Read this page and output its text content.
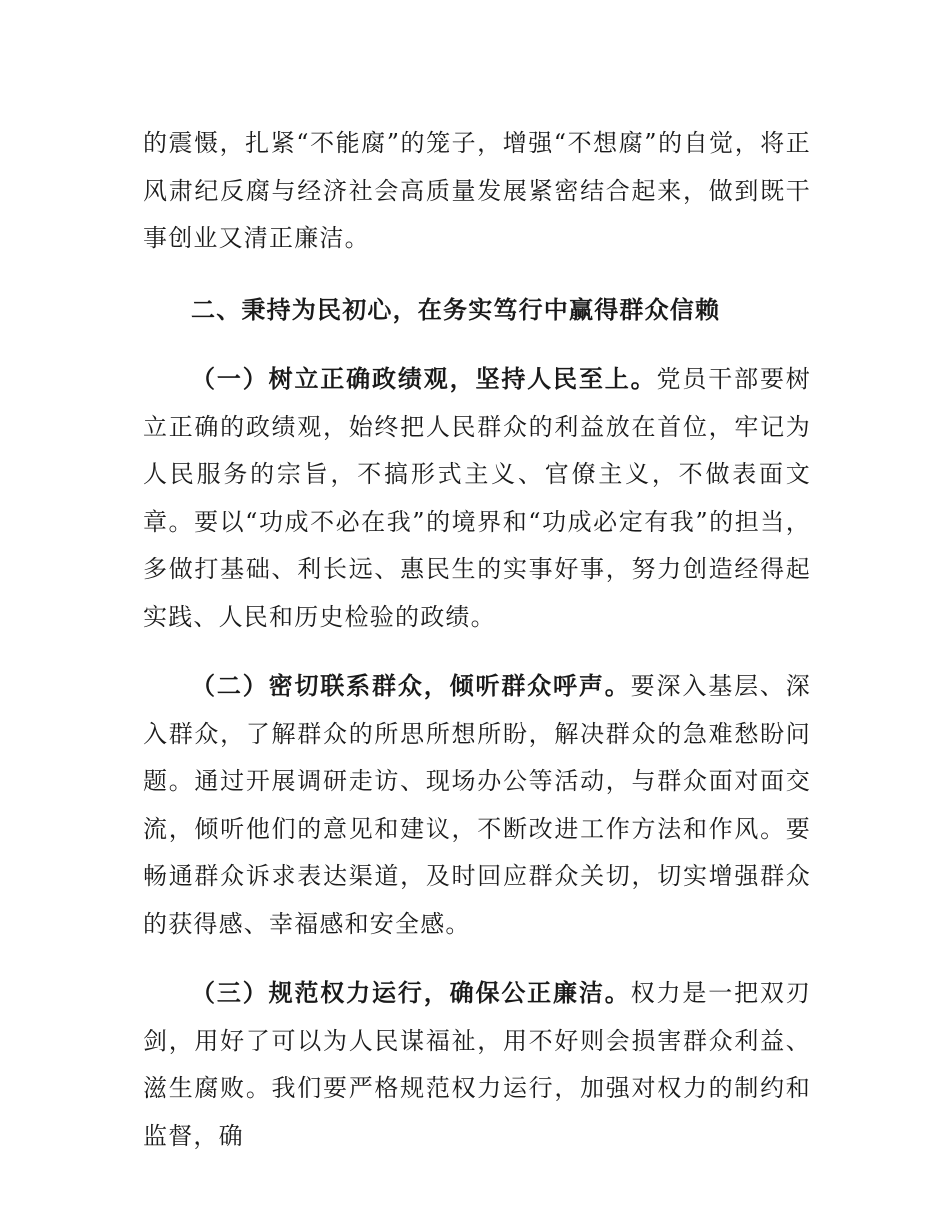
的震慑，扎紧“不能腐”的笼子，增强“不想腐”的自觉，将正风肃纪反腐与经济社会高质量发展紧密结合起来，做到既干事创业又清正廉洁。

二、秉持为民初心，在务实笃行中赢得群众信赖

（一）树立正确政绩观，坚持人民至上。党员干部要树立正确的政绩观，始终把人民群众的利益放在首位，牢记为人民服务的宗旨，不搞形式主义、官僚主义，不做表面文章。要以“功成不必在我”的境界和“功成必定有我”的担当，多做打基础、利长远、惠民生的实事好事，努力创造经得起实践、人民和历史检验的政绩。

（二）密切联系群众，倾听群众呼声。要深入基层、深入群众，了解群众的所思所想所盼，解决群众的急难愁盼问题。通过开展调研走访、现场办公等活动，与群众面对面交流，倾听他们的意见和建议，不断改进工作方法和作风。要畅通群众诉求表达渠道，及时回应群众关切，切实增强群众的获得感、幸福感和安全感。

（三）规范权力运行，确保公正廉洁。权力是一把双刃剑，用好了可以为人民谋福祉，用不好则会损害群众利益、滋生腐败。我们要严格规范权力运行，加强对权力的制约和监督，确
